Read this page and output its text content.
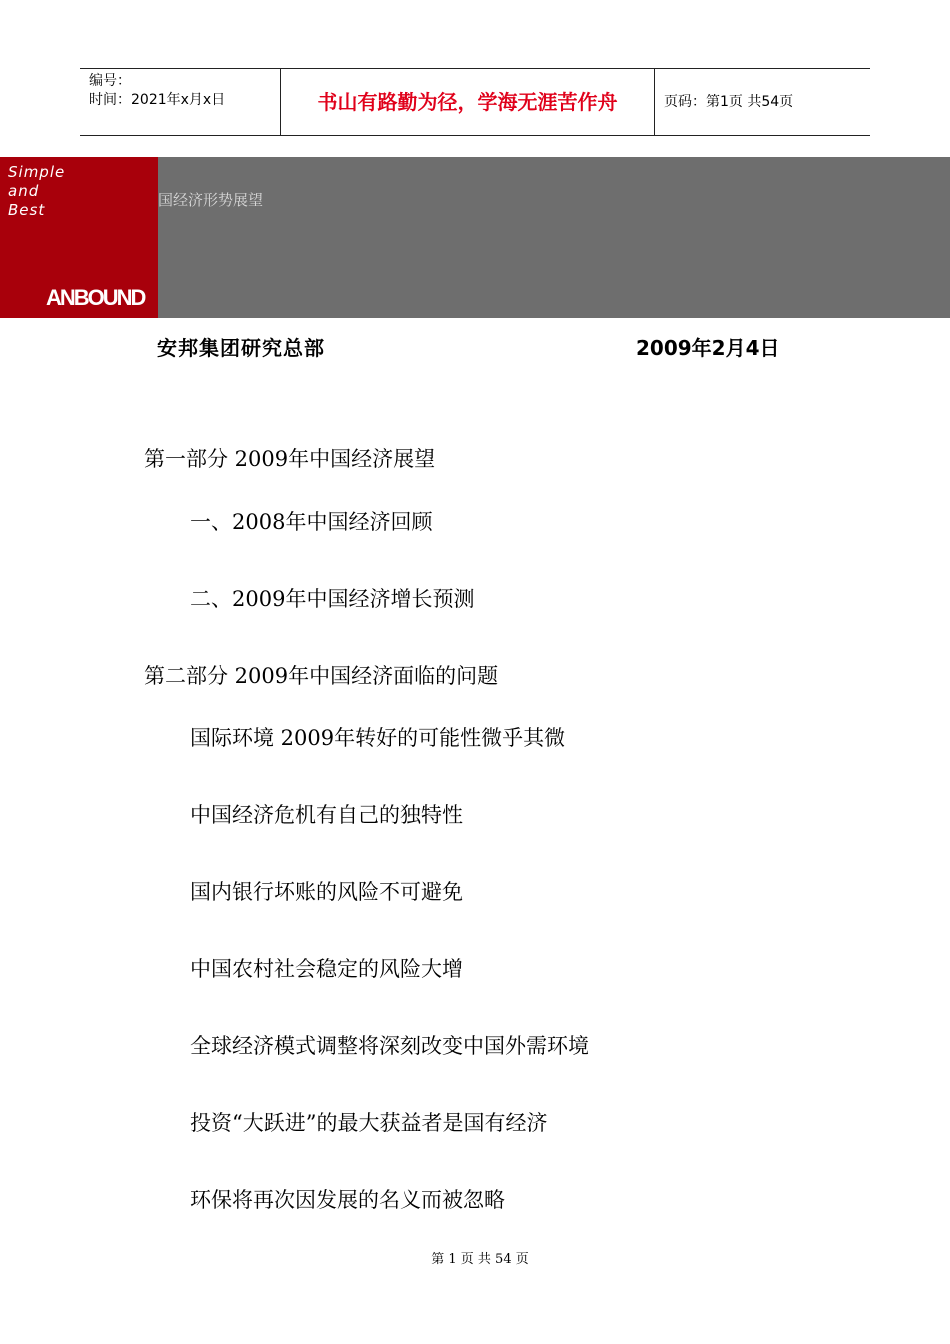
编号：
时间：2021年x月x日	书山有路勤为径，学海无涯苦作舟	页码：第1页 共54页
Simple
and
Best
ANBOUND
国经济形势展望
安邦集团研究总部	2009年2月4日
第一部分 2009年中国经济展望
一、2008年中国经济回顾
二、2009年中国经济增长预测
第二部分 2009年中国经济面临的问题
国际环境 2009年转好的可能性微乎其微
中国经济危机有自己的独特性
国内银行坏账的风险不可避免
中国农村社会稳定的风险大增
全球经济模式调整将深刻改变中国外需环境
投资“大跃进”的最大获益者是国有经济
环保将再次因发展的名义而被忽略
第 1 页 共 54 页
